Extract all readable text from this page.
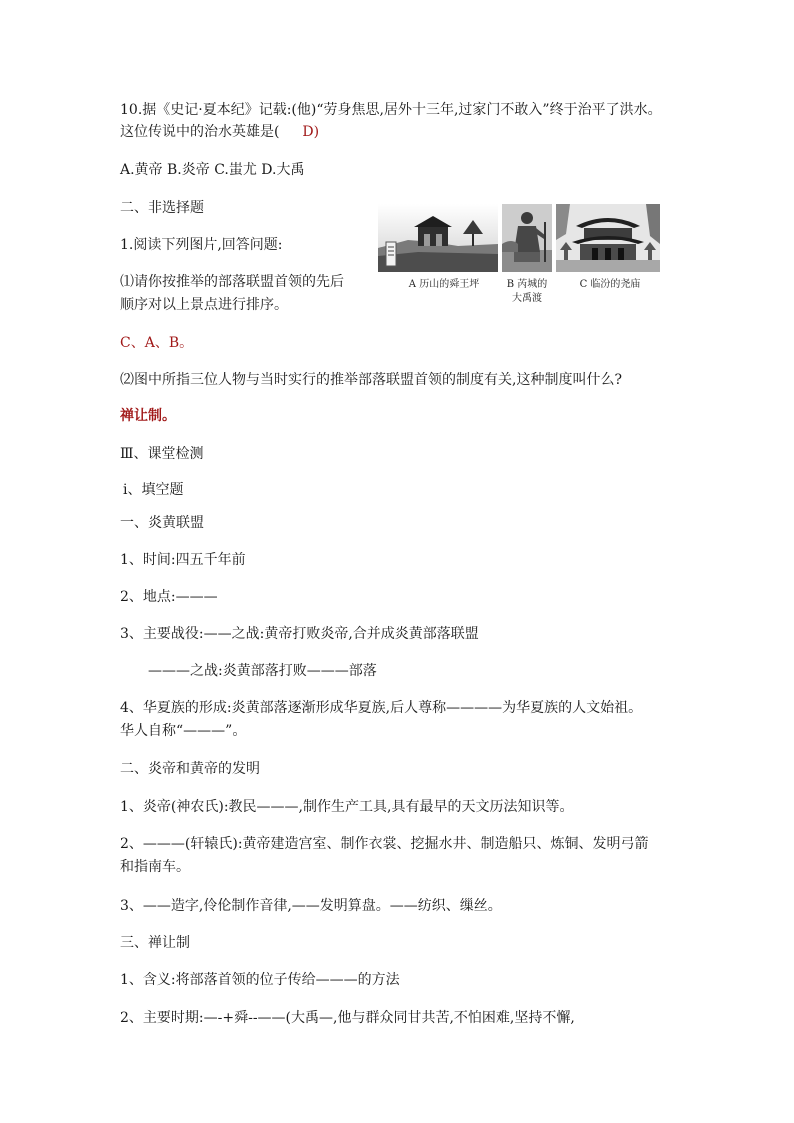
10.据《史记·夏本纪》记载:(他)“劳身焦思,居外十三年,过家门不敢入”终于治平了洪水。
这位传说中的治水英雄是( D)
A.黄帝 B.炎帝 C.蚩尤 D.大禹
二、非选择题
1.阅读下列图片,回答问题:
⑴请你按推举的部落联盟首领的先后
顺序对以上景点进行排序。
C、A、B。
⑵图中所指三位人物与当时实行的推举部落联盟首领的制度有关,这种制度叫什么?
禅让制。
A 历山的舜王坪	B 芮城的
大禹渡
C 临汾的尧庙
Ⅲ、课堂检测
ⅰ、填空题
一、炎黄联盟
1、时间:四五千年前
2、地点:———
3、主要战役:——之战:黄帝打败炎帝,合并成炎黄部落联盟
———之战:炎黄部落打败———部落
4、华夏族的形成:炎黄部落逐渐形成华夏族,后人尊称————为华夏族的人文始祖。
华人自称“———”。
二、炎帝和黄帝的发明
1、炎帝(神农氏):教民———,制作生产工具,具有最早的天文历法知识等。
2、———(轩辕氏):黄帝建造宫室、制作衣裳、挖掘水井、制造船只、炼铜、发明弓箭
和指南车。
3、——造字,伶伦制作音律,——发明算盘。——纺织、缫丝。
三、禅让制
1、含义:将部落首领的位子传给———的方法
2、主要时期:—-+舜--——(大禹—,他与群众同甘共苦,不怕困难,坚持不懈,
